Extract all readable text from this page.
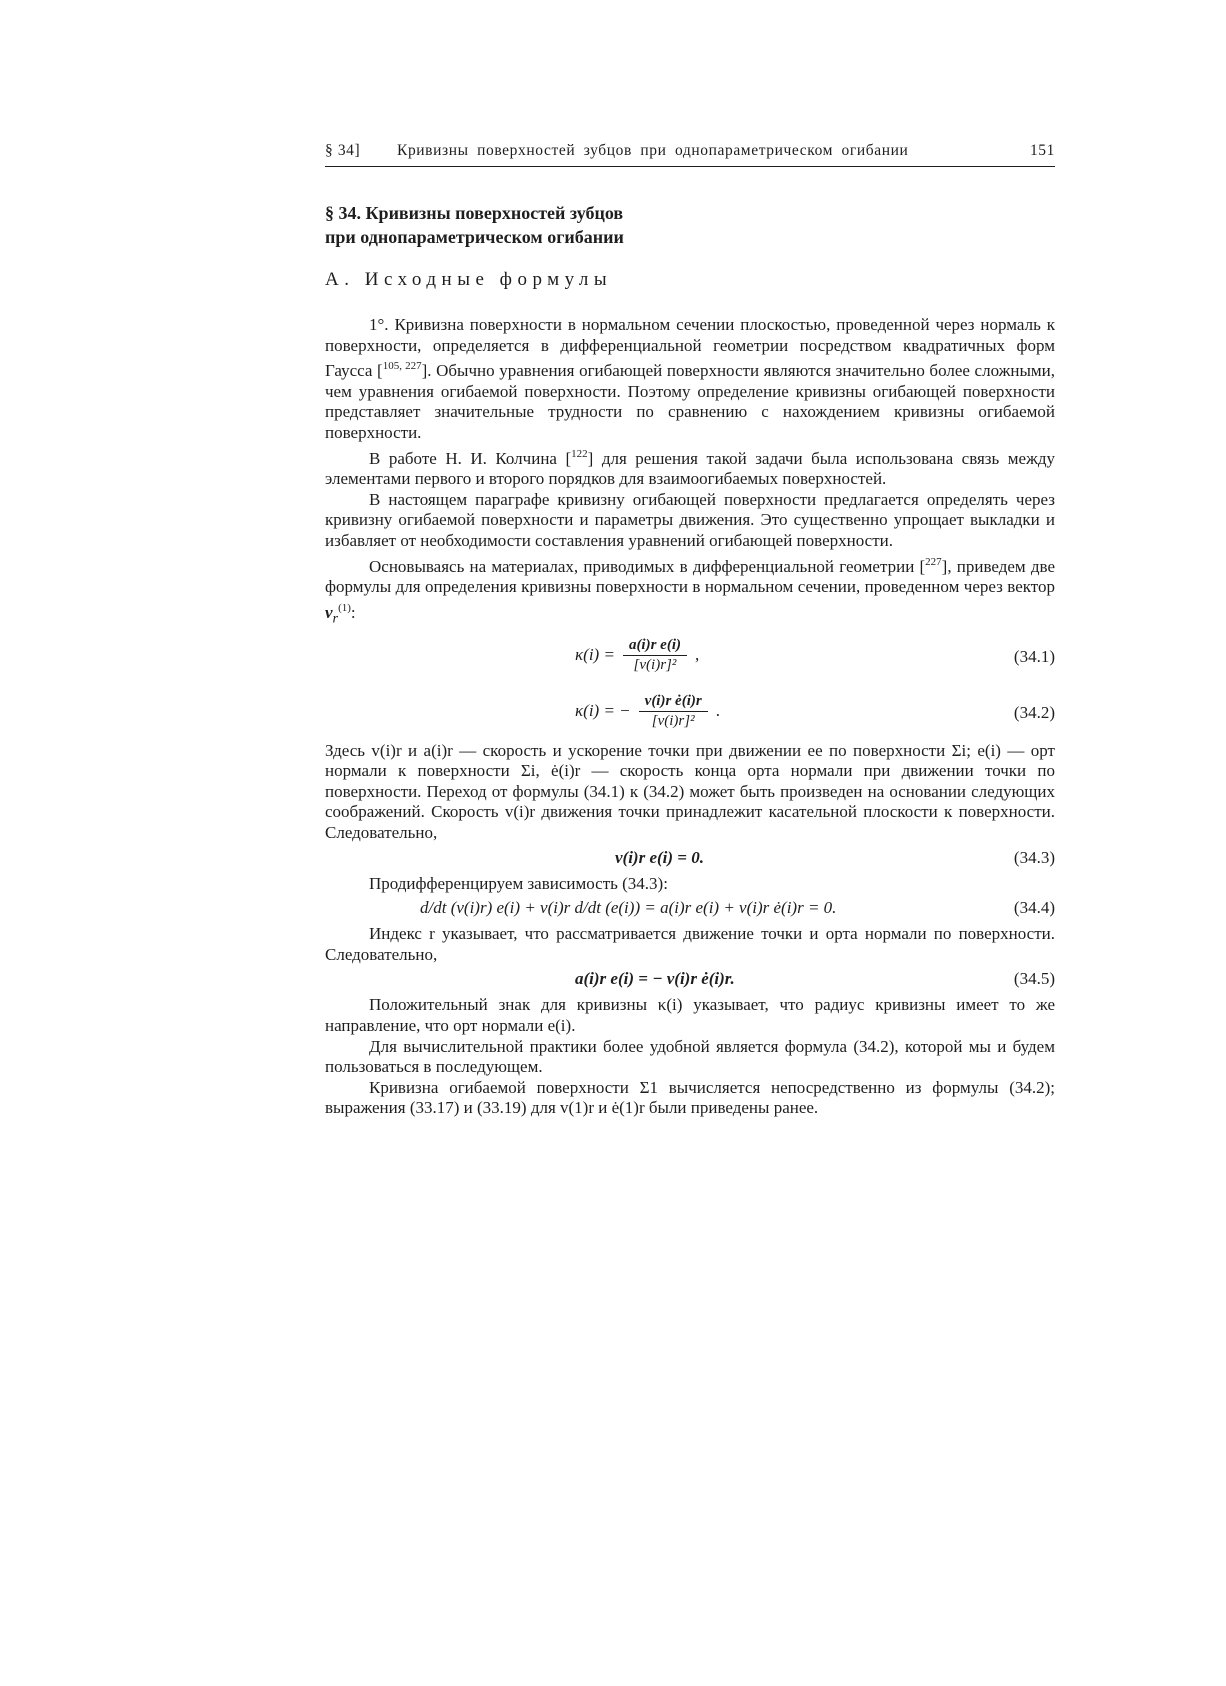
§ 34] Кривизны поверхностей зубцов при однопараметрическом огибании	151
§ 34. Кривизны поверхностей зубцов
при однопараметрическом огибании
А. Исходные формулы

1°. Кривизна поверхности в нормальном сечении плоскостью, проведенной через нормаль к поверхности, определяется в дифференциальной геометрии посредством квадратичных форм Гаусса [$^{105, 227}$]. Обычно уравнения огибающей поверхности являются значительно более сложными, чем уравнения огибаемой поверхности. Поэтому определение кривизны огибающей поверхности представляет значительные трудности по сравнению с нахождением кривизны огибаемой поверхности.

В работе Н. И. Колчина [$^{122}$] для решения такой задачи была использована связь между элементами первого и второго порядков для взаимоогибаемых поверхностей.

В настоящем параграфе кривизну огибающей поверхности предлагается определять через кривизну огибаемой поверхности и параметры движения. Это существенно упрощает выкладки и избавляет от необходимости составления уравнений огибающей поверхности.

Основываясь на материалах, приводимых в дифференциальной геометрии [$^{227}$], приведем две формулы для определения кривизны поверхности в нормальном сечении, проведенном через вектор $v_r^{(1)}$:

$\kappa(i) = \frac{\text{a(i)r e(i)}}{\text{[v(i)r]²}}$ ,	(34.1)
κ(i) = − $\frac{\text{v(i)r ė(i)r}}{\text{[v(i)r]²}}$ .	(34.2)

Здесь v(i)r и a(i)r — скорость и ускорение точки при движении ее по поверхности Σi; e(i) — орт нормали к поверхности Σi, ė(i)r — скорость конца орта нормали при движении точки по поверхности. Переход от формулы (34.1) к (34.2) может быть произведен на основании следующих соображений. Скорость v(i)r движения точки принадлежит касательной плоскости к поверхности. Следовательно,

v(i)r e(i) = 0.	(34.3)

Продифференцируем зависимость (34.3):

d/dt (v(i)r) e(i) + v(i)r d/dt (e(i)) = a(i)r e(i) + v(i)r ė(i)r = 0.	(34.4)

Индекс r указывает, что рассматривается движение точки и орта нормали по поверхности. Следовательно,

a(i)r e(i) = − v(i)r ė(i)r.	(34.5)

Положительный знак для кривизны κ(i) указывает, что радиус кривизны имеет то же направление, что орт нормали e(i).

Для вычислительной практики более удобной является формула (34.2), которой мы и будем пользоваться в последующем.

Кривизна огибаемой поверхности Σ1 вычисляется непосредственно из формулы (34.2); выражения (33.17) и (33.19) для v(1)r и ė(1)r были приведены ранее.
